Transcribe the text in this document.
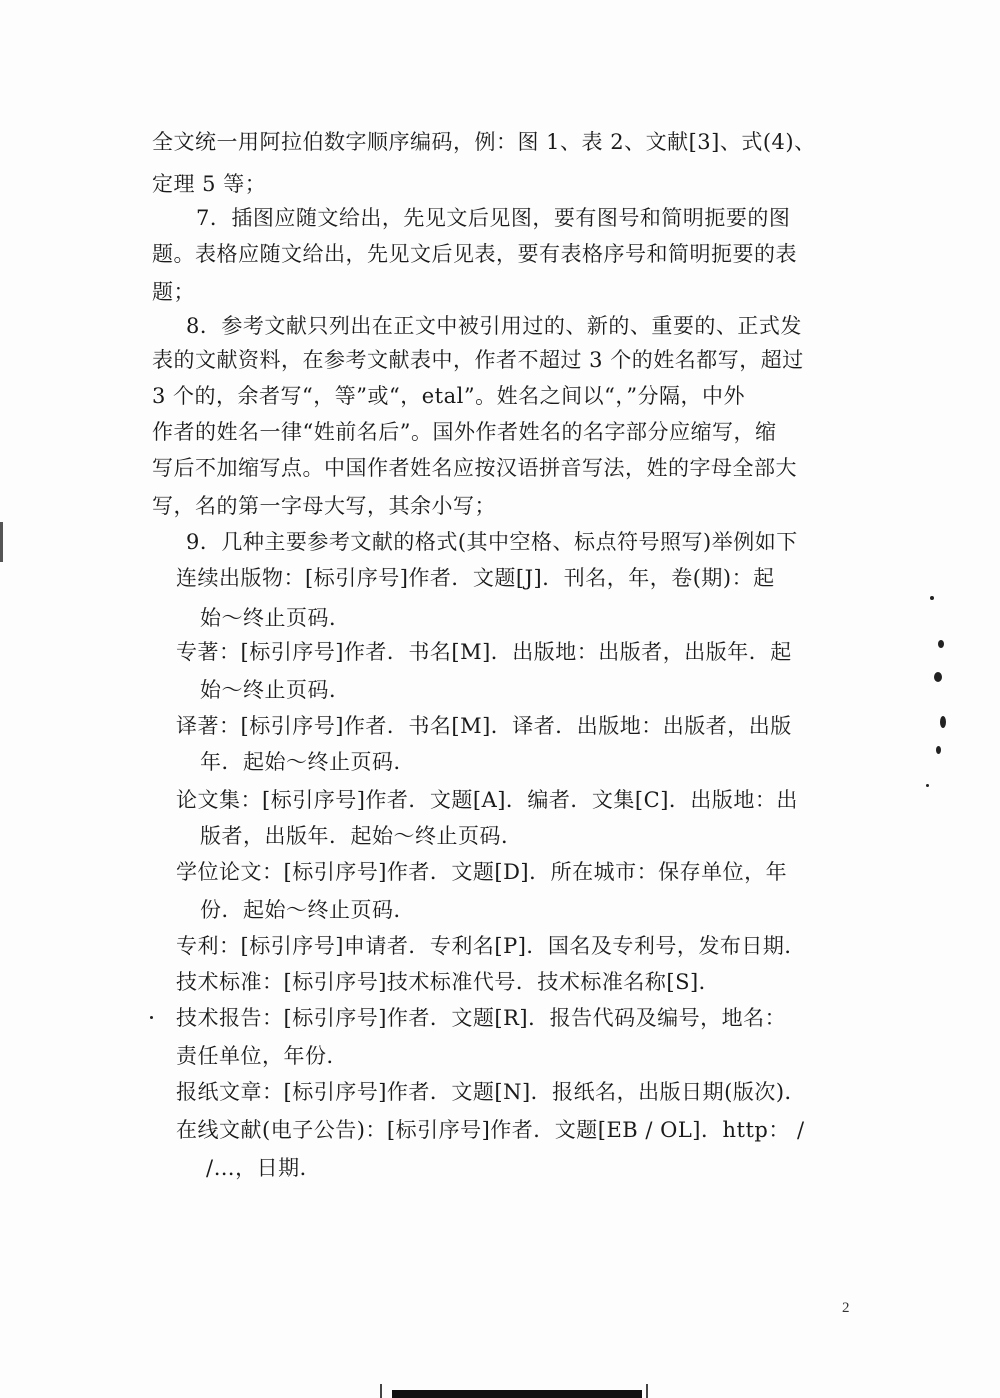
全文统一用阿拉伯数字顺序编码，例：图 1、表 2、文献[3]、式(4)、
定理 5 等；
7．插图应随文给出，先见文后见图，要有图号和简明扼要的图
题。表格应随文给出，先见文后见表，要有表格序号和简明扼要的表
题；
8．参考文献只列出在正文中被引用过的、新的、重要的、正式发
表的文献资料，在参考文献表中，作者不超过 3 个的姓名都写，超过
3 个的，余者写“，等”或“，etal”。姓名之间以“，”分隔，中外
作者的姓名一律“姓前名后”。国外作者姓名的名字部分应缩写，缩
写后不加缩写点。中国作者姓名应按汉语拼音写法，姓的字母全部大
写，名的第一字母大写，其余小写；
9．几种主要参考文献的格式(其中空格、标点符号照写)举例如下
连续出版物：[标引序号]作者．文题[J]．刊名，年，卷(期)：起
始～终止页码．
专著：[标引序号]作者．书名[M]．出版地：出版者，出版年．起
始～终止页码．
译著：[标引序号]作者．书名[M]．译者．出版地：出版者，出版
年．起始～终止页码．
论文集：[标引序号]作者．文题[A]．编者．文集[C]．出版地：出
版者，出版年．起始～终止页码．
学位论文：[标引序号]作者．文题[D]．所在城市：保存单位，年
份．起始～终止页码．
专利：[标引序号]申请者．专利名[P]．国名及专利号，发布日期．
技术标准：[标引序号]技术标准代号．技术标准名称[S]．
技术报告：[标引序号]作者．文题[R]．报告代码及编号，地名：
责任单位，年份．
报纸文章：[标引序号]作者．文题[N]．报纸名，出版日期(版次)．
在线文献(电子公告)：[标引序号]作者．文题[EB / OL]．http： /
/…，日期．
2
